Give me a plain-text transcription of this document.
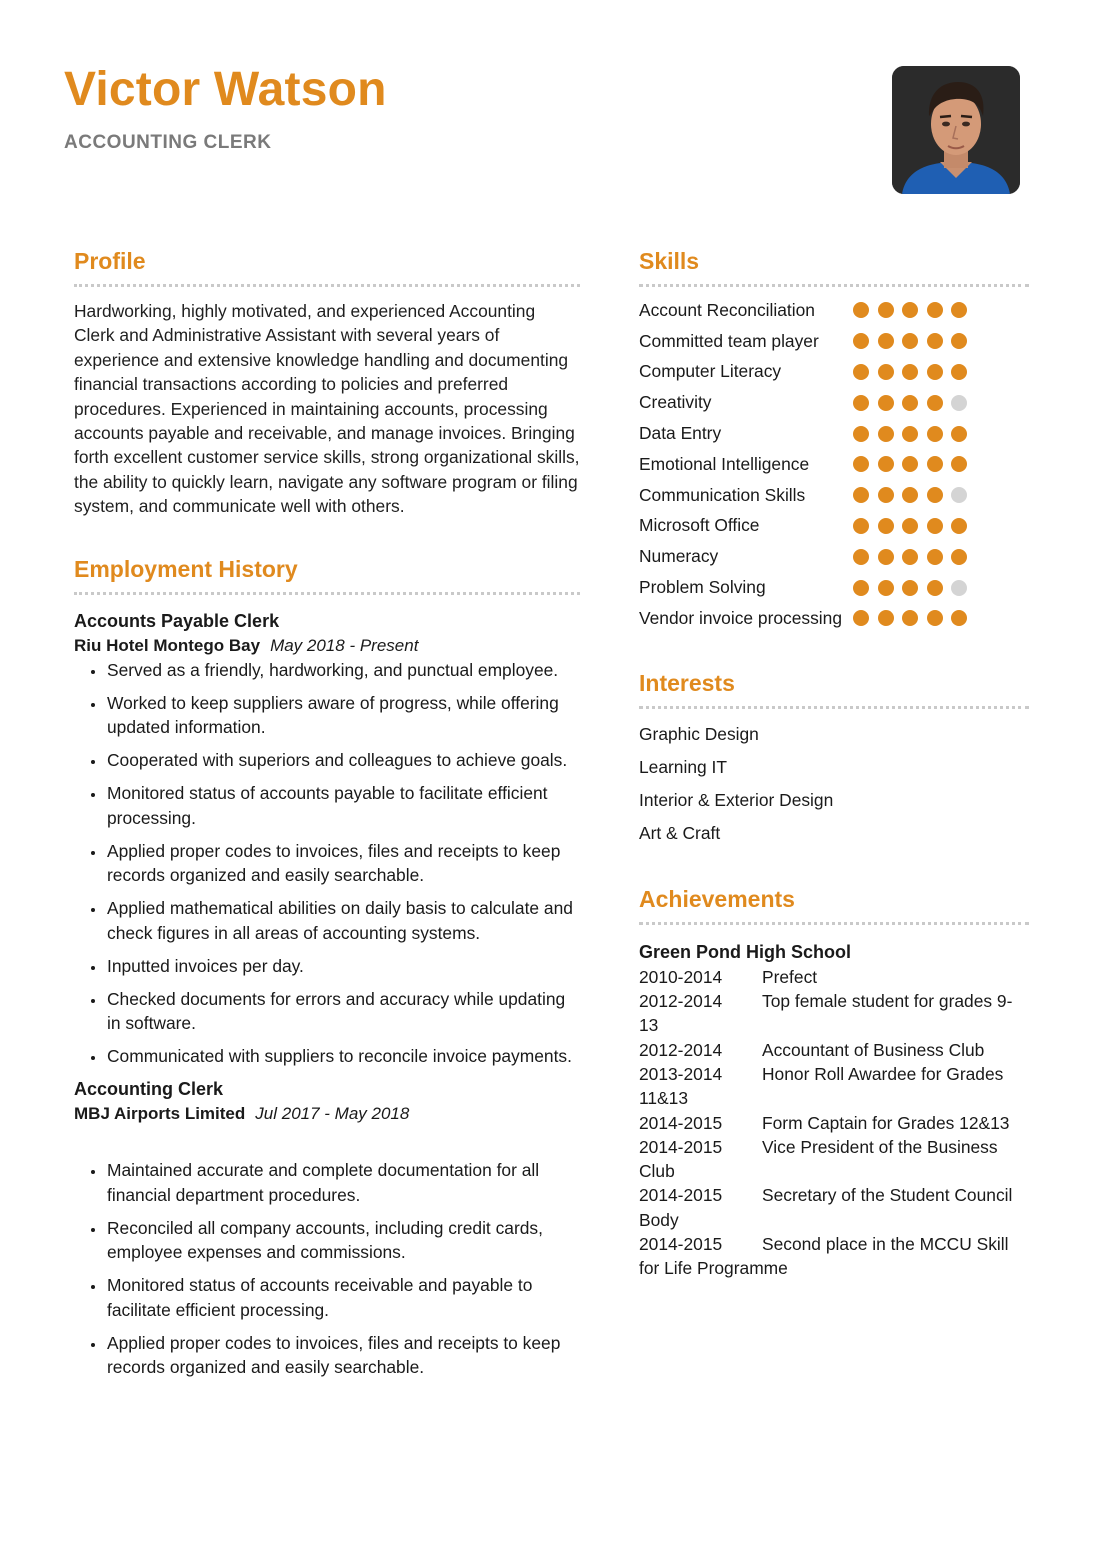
Victor Watson
ACCOUNTING CLERK
Profile

Hardworking, highly motivated, and experienced Accounting Clerk and Administrative Assistant with several years of experience and extensive knowledge handling and documenting financial transactions according to policies and preferred procedures. Experienced in maintaining accounts, processing accounts payable and receivable, and manage invoices. Bringing forth excellent customer service skills, strong organizational skills, the ability to quickly learn, navigate any software program or filing system, and communicate well with others.

Employment History
Accounts Payable Clerk
Riu Hotel Montego Bay May 2018 - Present
• Served as a friendly, hardworking, and punctual employee.
• Worked to keep suppliers aware of progress, while offering updated information.
• Cooperated with superiors and colleagues to achieve goals.
• Monitored status of accounts payable to facilitate efficient processing.
• Applied proper codes to invoices, files and receipts to keep records organized and easily searchable.
• Applied mathematical abilities on daily basis to calculate and check figures in all areas of accounting systems.
• Inputted invoices per day.
• Checked documents for errors and accuracy while updating in software.
• Communicated with suppliers to reconcile invoice payments.
Accounting Clerk
MBJ Airports Limited Jul 2017 - May 2018
• Maintained accurate and complete documentation for all financial department procedures.
• Reconciled all company accounts, including credit cards, employee expenses and commissions.
• Monitored status of accounts receivable and payable to facilitate efficient processing.
• Applied proper codes to invoices, files and receipts to keep records organized and easily searchable.
Skills
Account Reconciliation
Committed team player
Computer Literacy
Creativity
Data Entry
Emotional Intelligence
Communication Skills
Microsoft Office
Numeracy
Problem Solving
Vendor invoice processing
Interests
Graphic Design
Learning IT
Interior & Exterior Design
Art & Craft
Achievements
Green Pond High School
2010-2014 Prefect
2012-2014 Top female student for grades 9-13
2012-2014 Accountant of Business Club
2013-2014 Honor Roll Awardee for Grades 11&13
2014-2015 Form Captain for Grades 12&13
2014-2015 Vice President of the Business Club
2014-2015 Secretary of the Student Council Body
2014-2015 Second place in the MCCU Skill for Life Programme
